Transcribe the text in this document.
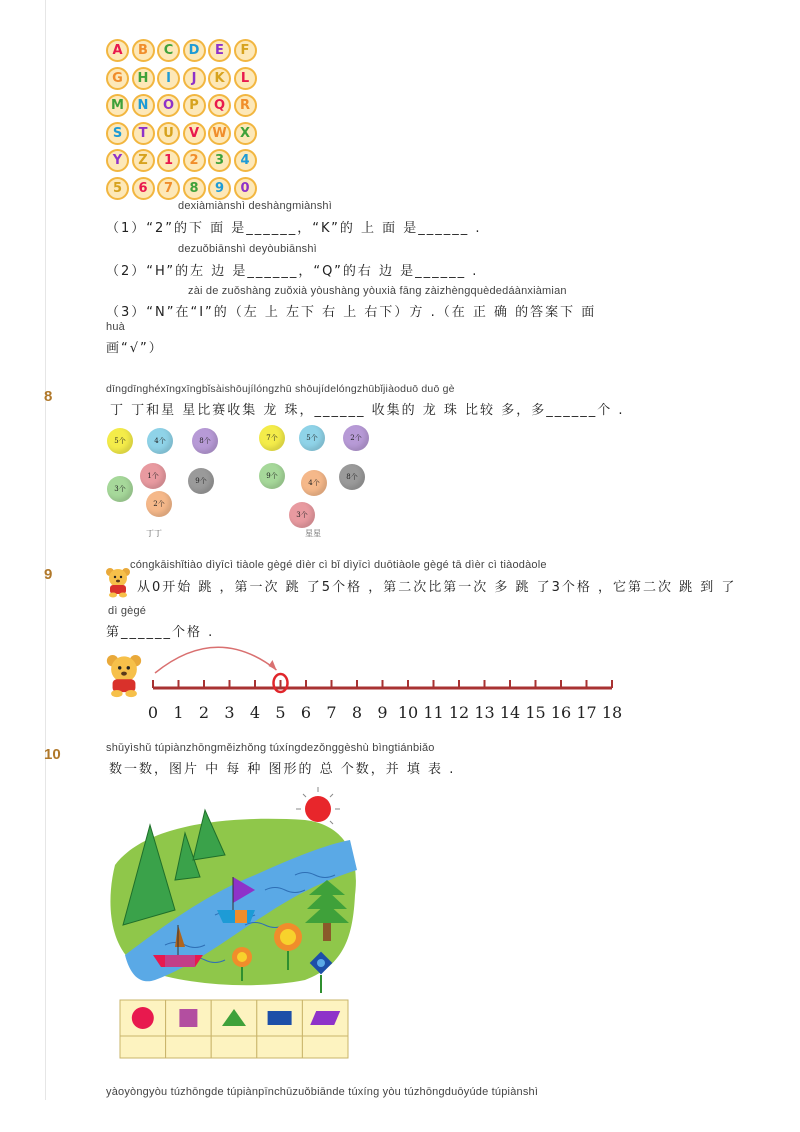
A	B	C	D	E	F
G	H	I	J	K	L
M	N	O	P	Q	R
S	T	U	V	W	X
Y	Z	1	2	3	4
5	6	7	8	9	0
dexiàmiànshì deshàngmiànshì
（1）“2”的下 面 是______，“K”的 上 面 是______ .
dezuǒbiānshì deyòubiānshì
（2）“H”的左 边 是______，“Q”的右 边 是______ .
zài de zuǒshàng zuǒxià yòushàng yòuxià fāng zàizhèngquèdedáànxiàmian
（3）“N”在“I”的（左 上 左下 右 上 右下）方 .（在 正 确 的答案下 面
huà
画“√”）
8	dīngdīnghéxīngxīngbǐsàishōujílóngzhū shōujídelóngzhūbǐjiàoduō duō gè
丁 丁和星 星比赛收集 龙 珠，______ 收集的 龙 珠 比较 多，多______个 .
5个	4个	8个
1个
9个
3个
2个
7个	5个	2个
9个
4个
8个
3个
丁丁	星星
9
cóngkāishǐtiào dìyīcì tiàole gègé dìèr cì bǐ dìyīcì duōtiàole gègé tā dìèr cì tiàodàole
从0开始 跳 ，第一次 跳 了5个格 ，第二次比第一次 多 跳 了3个格 ，它第二次 跳 到 了
dì gègé
第______个格 .
0 1 2 3 4 5 6 7 8 9 10 11 12 13 14 15 16 17 18
10	shǔyìshǔ túpiànzhōngměizhǒng túxíngdezǒnggèshù bìngtiánbiǎo
数一数，图片 中 每 种 图形的 总 个数，并 填 表 .
yàoyòngyòu túzhōngde túpiànpīnchūzuǒbiānde túxíng yòu túzhōngduōyúde túpiànshì
